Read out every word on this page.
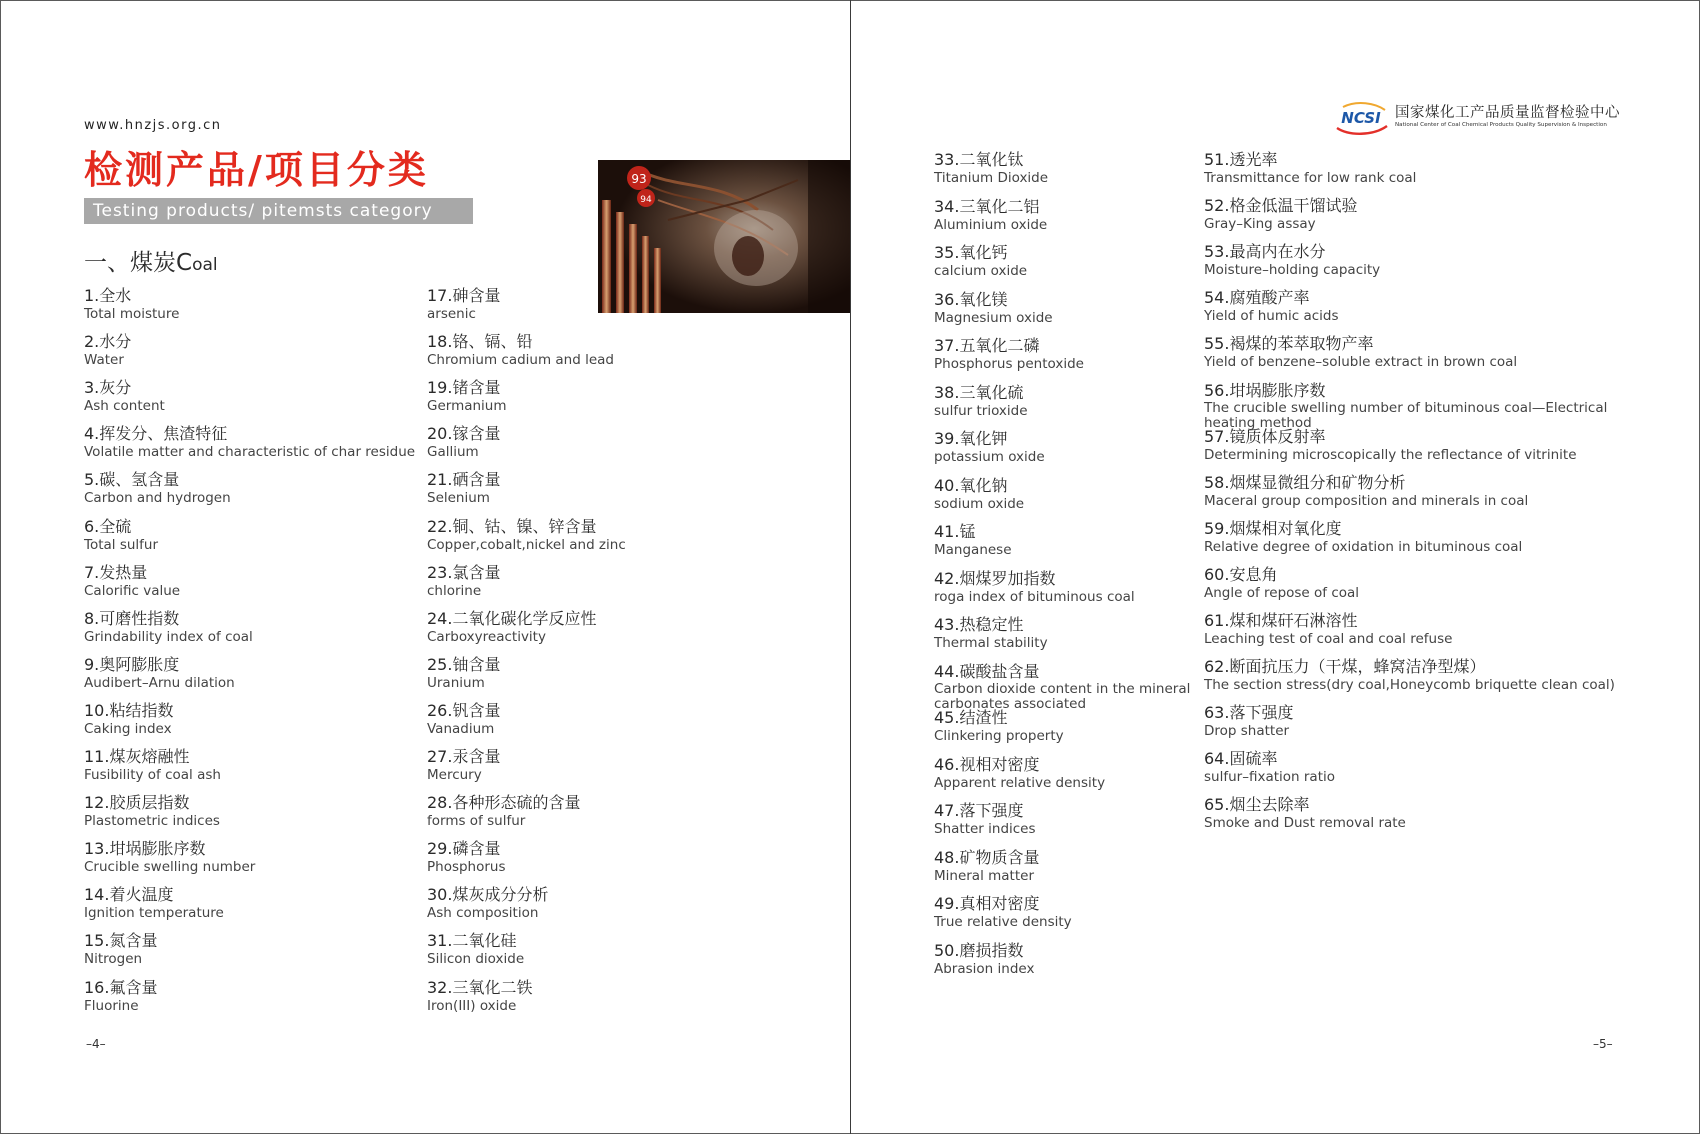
www.hnzjs.org.cn
检测产品/项目分类
Testing products/ pitemsts category
93
94
一、煤炭Coal
1.全水
Total moisture
2.水分
Water
3.灰分
Ash content
4.挥发分、焦渣特征
Volatile matter and characteristic of char residue
5.碳、氢含量
Carbon and hydrogen
6.全硫
Total sulfur
7.发热量
Calorific value
8.可磨性指数
Grindability index of coal
9.奥阿膨胀度
Audibert–Arnu dilation
10.粘结指数
Caking index
11.煤灰熔融性
Fusibility of coal ash
12.胶质层指数
Plastometric indices
13.坩埚膨胀序数
Crucible swelling number
14.着火温度
Ignition temperature
15.氮含量
Nitrogen
16.氟含量
Fluorine
17.砷含量
arsenic
18.铬、镉、铅
Chromium cadium and lead
19.锗含量
Germanium
20.镓含量
Gallium
21.硒含量
Selenium
22.铜、钴、镍、锌含量
Copper,cobalt,nickel and zinc
23.氯含量
chlorine
24.二氧化碳化学反应性
Carboxyreactivity
25.铀含量
Uranium
26.钒含量
Vanadium
27.汞含量
Mercury
28.各种形态硫的含量
forms of sulfur
29.磷含量
Phosphorus
30.煤灰成分分析
Ash composition
31.二氧化硅
Silicon dioxide
32.三氧化二铁
Iron(III) oxide
–4–
NCSI 国家煤化工产品质量监督检验中心
National Center of Coal Chemical Products Quality Supervision & Inspection
33.二氧化钛
Titanium Dioxide
34.三氧化二铝
Aluminium oxide
35.氧化钙
calcium oxide
36.氧化镁
Magnesium oxide
37.五氧化二磷
Phosphorus pentoxide
38.三氧化硫
sulfur trioxide
39.氧化钾
potassium oxide
40.氧化钠
sodium oxide
41.锰
Manganese
42.烟煤罗加指数
roga index of bituminous coal
43.热稳定性
Thermal stability
44.碳酸盐含量
Carbon dioxide content in the mineral carbonates associated
45.结渣性
Clinkering property
46.视相对密度
Apparent relative density
47.落下强度
Shatter indices
48.矿物质含量
Mineral matter
49.真相对密度
True relative density
50.磨损指数
Abrasion index
51.透光率
Transmittance for low rank coal
52.格金低温干馏试验
Gray–King assay
53.最高内在水分
Moisture–holding capacity
54.腐殖酸产率
Yield of humic acids
55.褐煤的苯萃取物产率
Yield of benzene–soluble extract in brown coal
56.坩埚膨胀序数
The crucible swelling number of bituminous coal—Electrical heating method
57.镜质体反射率
Determining microscopically the reflectance of vitrinite
58.烟煤显微组分和矿物分析
Maceral group composition and minerals in coal
59.烟煤相对氧化度
Relative degree of oxidation in bituminous coal
60.安息角
Angle of repose of coal
61.煤和煤矸石淋溶性
Leaching test of coal and coal refuse
62.断面抗压力（干煤，蜂窝洁净型煤）
The section stress(dry coal,Honeycomb briquette clean coal)
63.落下强度
Drop shatter
64.固硫率
sulfur–fixation ratio
65.烟尘去除率
Smoke and Dust removal rate
–5–
